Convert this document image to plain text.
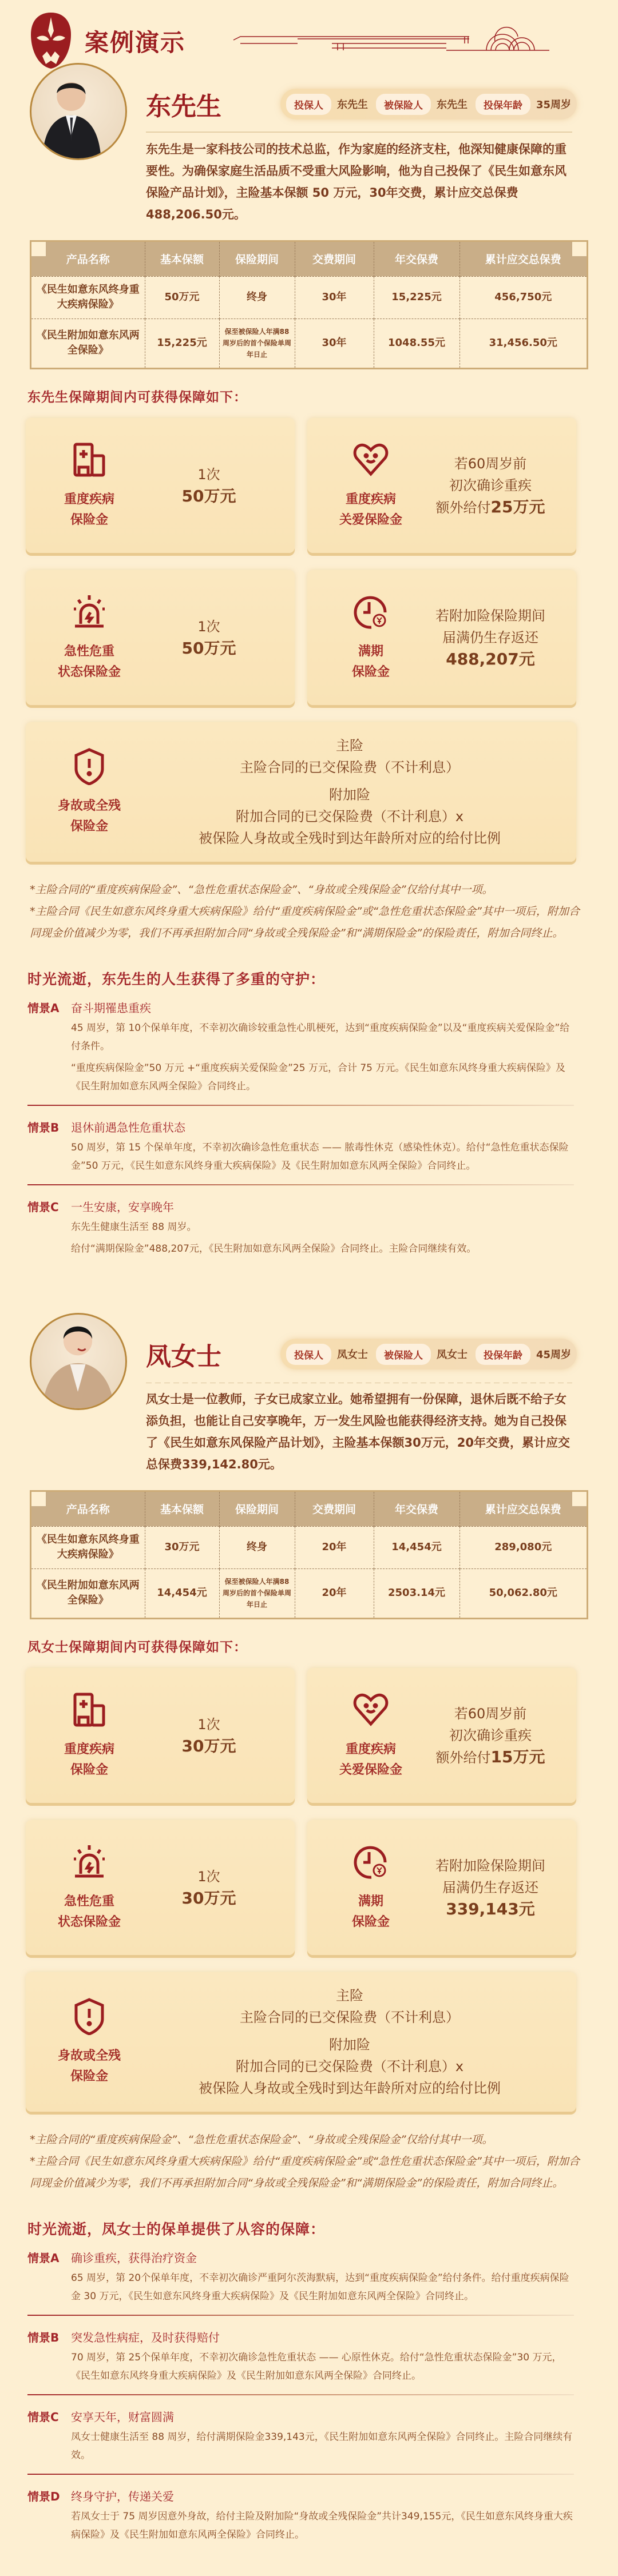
案例演示
东先生	投保人	东先生	被保险人	东先生	投保年龄	35周岁
东先生是一家科技公司的技术总监，作为家庭的经济支柱，他深知健康保障的重要性。为确保家庭生活品质不受重大风险影响，他为自己投保了《民生如意东风保险产品计划》，主险基本保额 50 万元，30年交费，累计应交总保费488,206.50元。
产品名称	基本保额	保险期间	交费期间	年交保费	累计应交总保费
《民生如意东风终身重大疾病保险》	50万元	终身	30年	15,225元	456,750元
《民生附加如意东风两全保险》	15,225元	保至被保险人年满88周岁后的首个保险单周年日止	30年	1048.55元	31,456.50元
东先生保障期间内可获得保障如下：
重度疾病
保险金
1次
50万元	重度疾病
关爱保险金
若60周岁前
初次确诊重疾
额外给付25万元
急性危重
状态保险金
1次
50万元	满期
保险金
若附加险保险期间
届满仍生存返还
488,207元
身故或全残
保险金
主险
主险合同的已交保险费（不计利息）
附加险
附加合同的已交保险费（不计利息）x
被保险人身故或全残时到达年龄所对应的给付比例

*主险合同的“重度疾病保险金”、“急性危重状态保险金”、“身故或全残保险金”仅给付其中一项。

*主险合同《民生如意东风终身重大疾病保险》给付“重度疾病保险金”或“急性危重状态保险金”其中一项后，附加合同现金价值减少为零，我们不再承担附加合同“身故或全残保险金”和“满期保险金”的保险责任，附加合同终止。

时光流逝，东先生的人生获得了多重的守护：
情景A 奋斗期罹患重疾

45 周岁，第 10个保单年度，不幸初次确诊较重急性心肌梗死，达到“重度疾病保险金”以及“重度疾病关爱保险金”给付条件。

“重度疾病保险金”50 万元 +“重度疾病关爱保险金”25 万元，合计 75 万元。《民生如意东风终身重大疾病保险》及《民生附加如意东风两全保险》合同终止。

情景B 退休前遇急性危重状态

50 周岁，第 15 个保单年度，不幸初次确诊急性危重状态 —— 脓毒性休克（感染性休克）。给付“急性危重状态保险金”50 万元，《民生如意东风终身重大疾病保险》及《民生附加如意东风两全保险》合同终止。

情景C 一生安康，安享晚年

东先生健康生活至 88 周岁。

给付“满期保险金”488,207元，《民生附加如意东风两全保险》合同终止。主险合同继续有效。

凤女士	投保人	凤女士	被保险人	凤女士	投保年龄	45周岁
凤女士是一位教师，子女已成家立业。她希望拥有一份保障，退休后既不给子女添负担，也能让自己安享晚年，万一发生风险也能获得经济支持。她为自己投保了《民生如意东风保险产品计划》，主险基本保额30万元，20年交费，累计应交总保费339,142.80元。
产品名称	基本保额	保险期间	交费期间	年交保费	累计应交总保费
《民生如意东风终身重大疾病保险》	30万元	终身	20年	14,454元	289,080元
《民生附加如意东风两全保险》	14,454元	保至被保险人年满88周岁后的首个保险单周年日止	20年	2503.14元	50,062.80元
凤女士保障期间内可获得保障如下：
重度疾病
保险金
1次
30万元	重度疾病
关爱保险金
若60周岁前
初次确诊重疾
额外给付15万元
急性危重
状态保险金
1次
30万元	满期
保险金
若附加险保险期间
届满仍生存返还
339,143元
身故或全残
保险金
主险
主险合同的已交保险费（不计利息）
附加险
附加合同的已交保险费（不计利息）x
被保险人身故或全残时到达年龄所对应的给付比例

*主险合同的“重度疾病保险金”、“急性危重状态保险金”、“身故或全残保险金”仅给付其中一项。

*主险合同《民生如意东风终身重大疾病保险》给付“重度疾病保险金”或“急性危重状态保险金”其中一项后，附加合同现金价值减少为零，我们不再承担附加合同“身故或全残保险金”和“满期保险金”的保险责任，附加合同终止。

时光流逝，凤女士的保单提供了从容的保障：
情景A 确诊重疾，获得治疗资金

65 周岁，第 20个保单年度，不幸初次确诊严重阿尔茨海默病，达到“重度疾病保险金”给付条件。给付重度疾病保险金 30 万元，《民生如意东风终身重大疾病保险》及《民生附加如意东风两全保险》合同终止。

情景B 突发急性病症，及时获得赔付

70 周岁，第 25个保单年度，不幸初次确诊急性危重状态 —— 心原性休克。给付“急性危重状态保险金”30 万元，《民生如意东风终身重大疾病保险》及《民生附加如意东风两全保险》合同终止。

情景C 安享天年，财富圆满

凤女士健康生活至 88 周岁，给付满期保险金339,143元，《民生附加如意东风两全保险》合同终止。主险合同继续有效。

情景D 终身守护，传递关爱

若凤女士于 75 周岁因意外身故，给付主险及附加险“身故或全残保险金”共计349,155元，《民生如意东风终身重大疾病保险》及《民生附加如意东风两全保险》合同终止。
